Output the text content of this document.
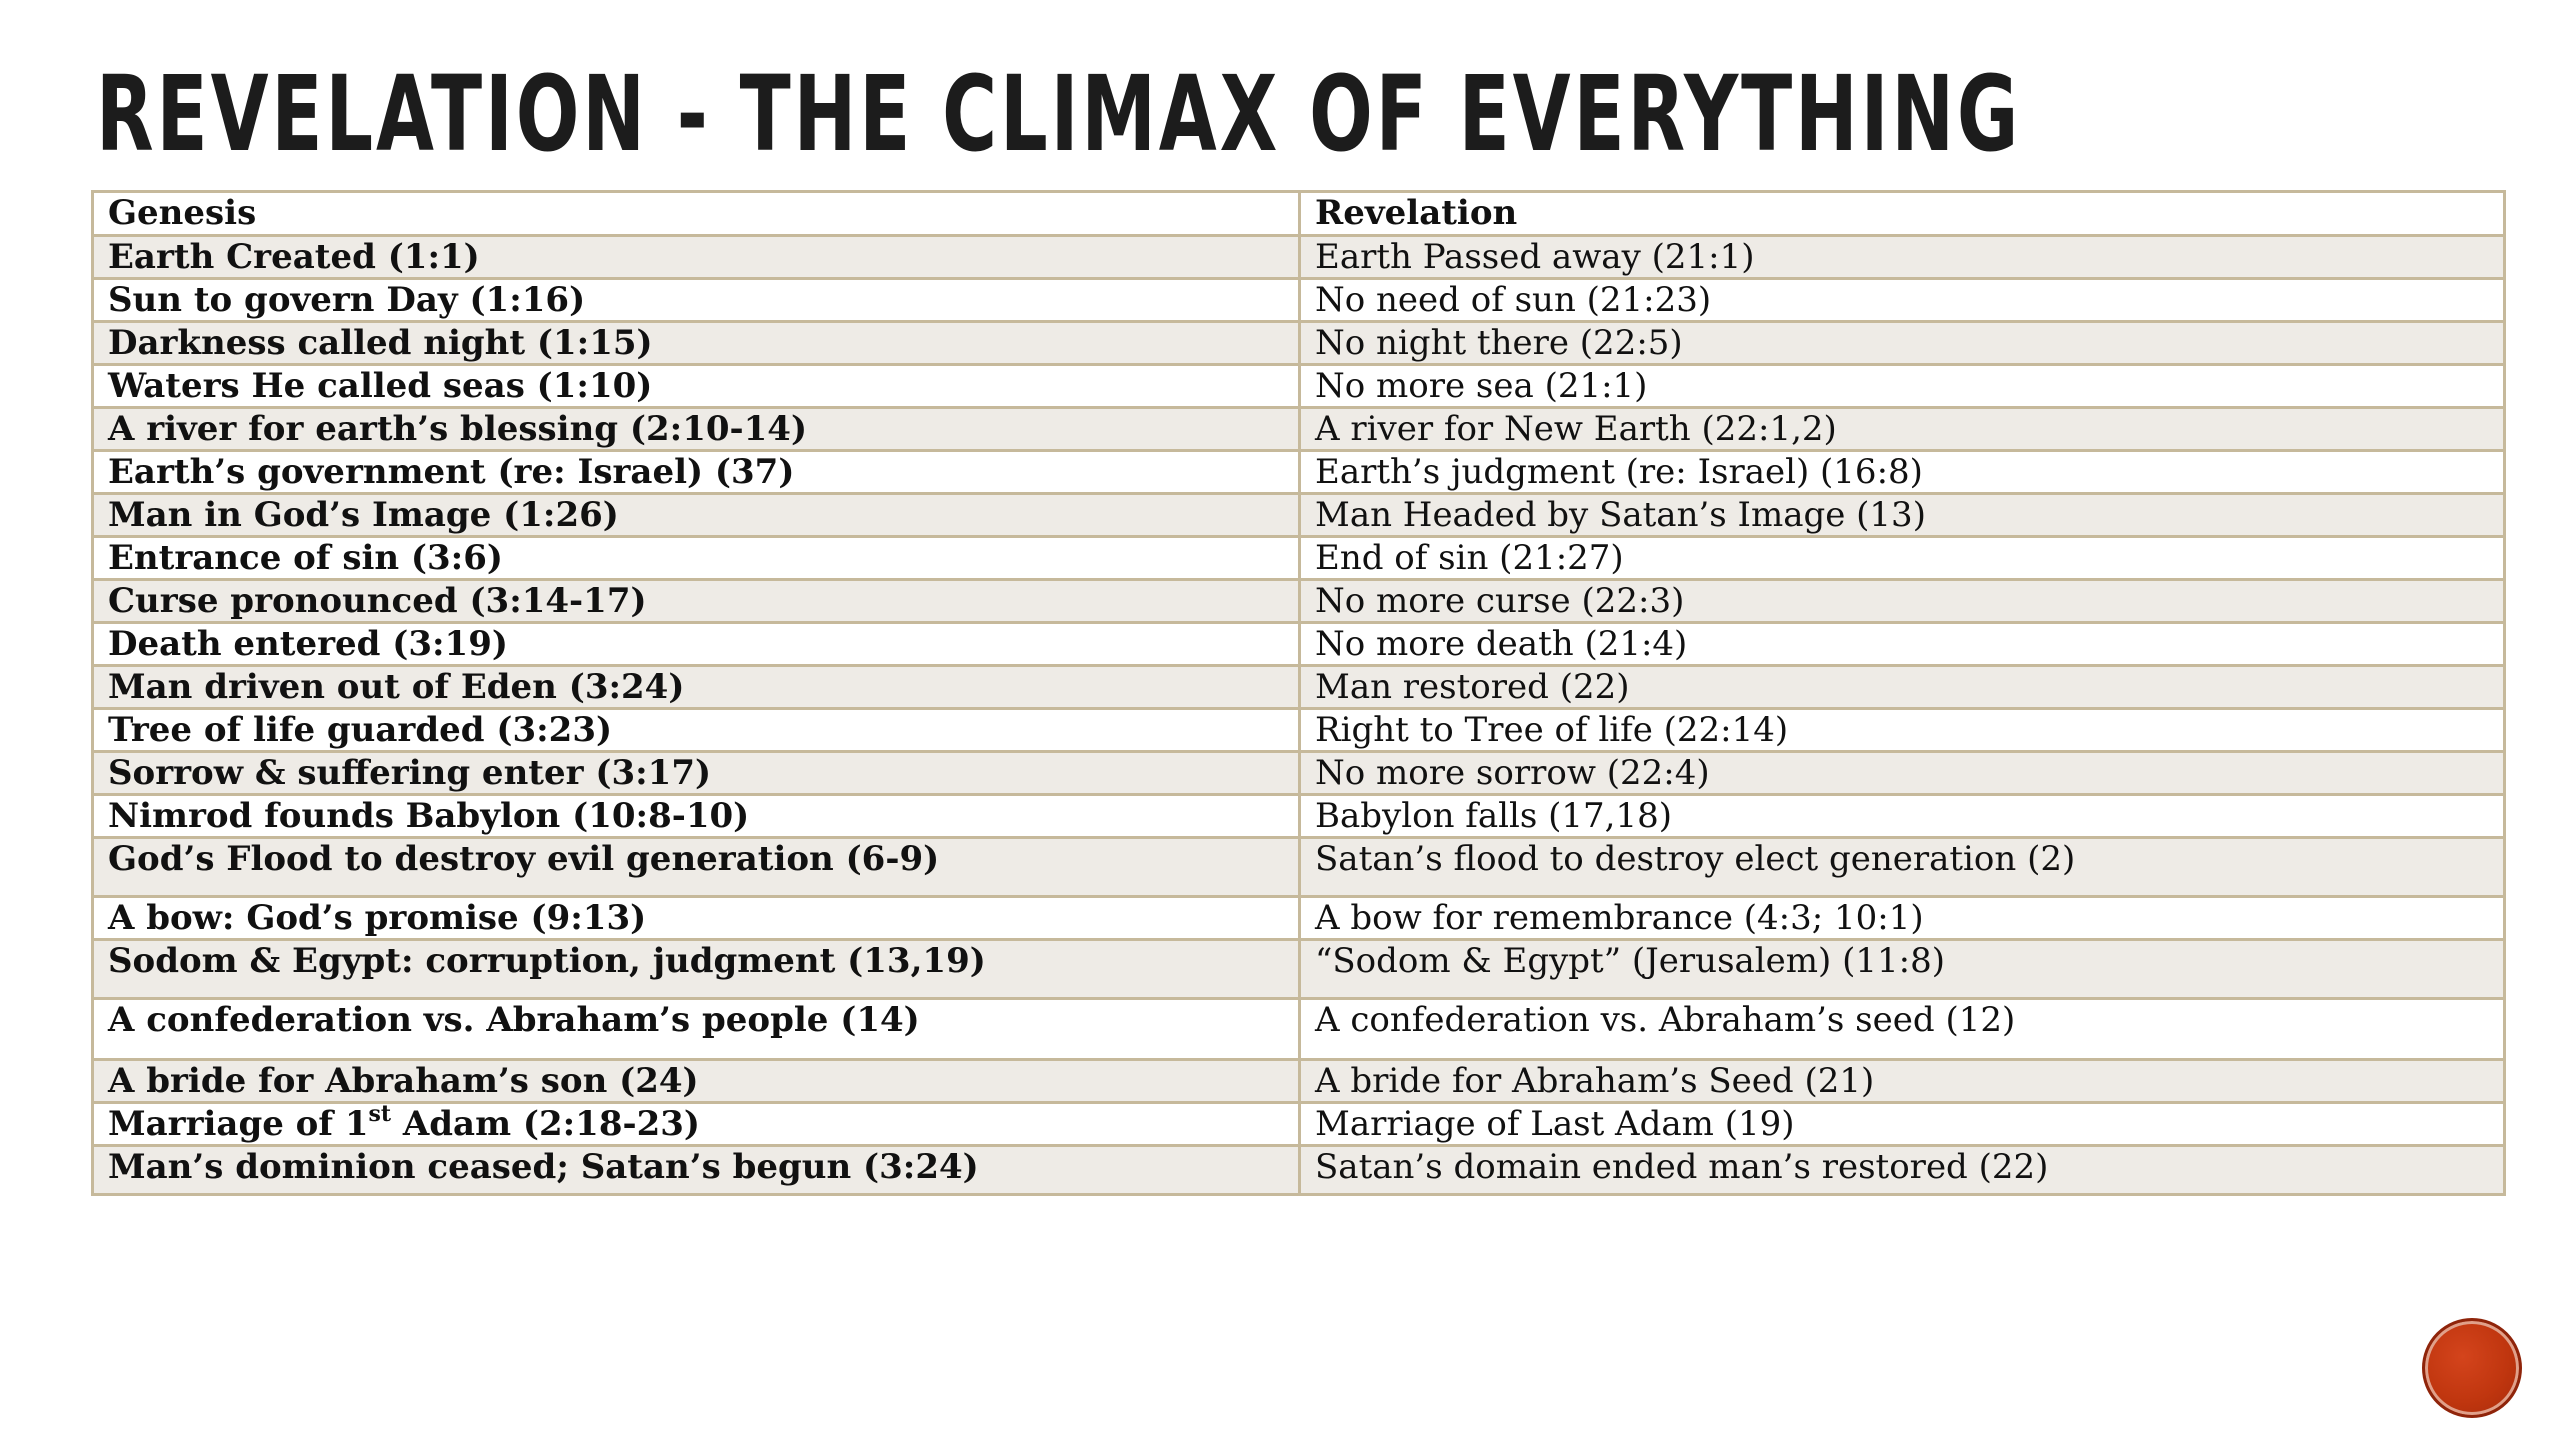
REVELATION - THE CLIMAX OF EVERYTHING
Genesis	Revelation
Earth Created (1:1)	Earth Passed away (21:1)
Sun to govern Day (1:16)	No need of sun (21:23)
Darkness called night (1:15)	No night there (22:5)
Waters He called seas (1:10)	No more sea (21:1)
A river for earth’s blessing (2:10-14)	A river for New Earth (22:1,2)
Earth’s government (re: Israel) (37)	Earth’s judgment (re: Israel) (16:8)
Man in God’s Image (1:26)	Man Headed by Satan’s Image (13)
Entrance of sin (3:6)	End of sin (21:27)
Curse pronounced (3:14-17)	No more curse (22:3)
Death entered (3:19)	No more death (21:4)
Man driven out of Eden (3:24)	Man restored (22)
Tree of life guarded (3:23)	Right to Tree of life (22:14)
Sorrow & suffering enter (3:17)	No more sorrow (22:4)
Nimrod founds Babylon (10:8-10)	Babylon falls (17,18)
God’s Flood to destroy evil generation (6-9)	Satan’s flood to destroy elect generation (2)
A bow: God’s promise (9:13)	A bow for remembrance (4:3; 10:1)
Sodom & Egypt: corruption, judgment (13,19)	“Sodom & Egypt” (Jerusalem) (11:8)
A confederation vs. Abraham’s people (14)	A confederation vs. Abraham’s seed (12)
A bride for Abraham’s son (24)	A bride for Abraham’s Seed (21)
Marriage of 1st Adam (2:18-23)	Marriage of Last Adam (19)
Man’s dominion ceased; Satan’s begun (3:24)	Satan’s domain ended man’s restored (22)
